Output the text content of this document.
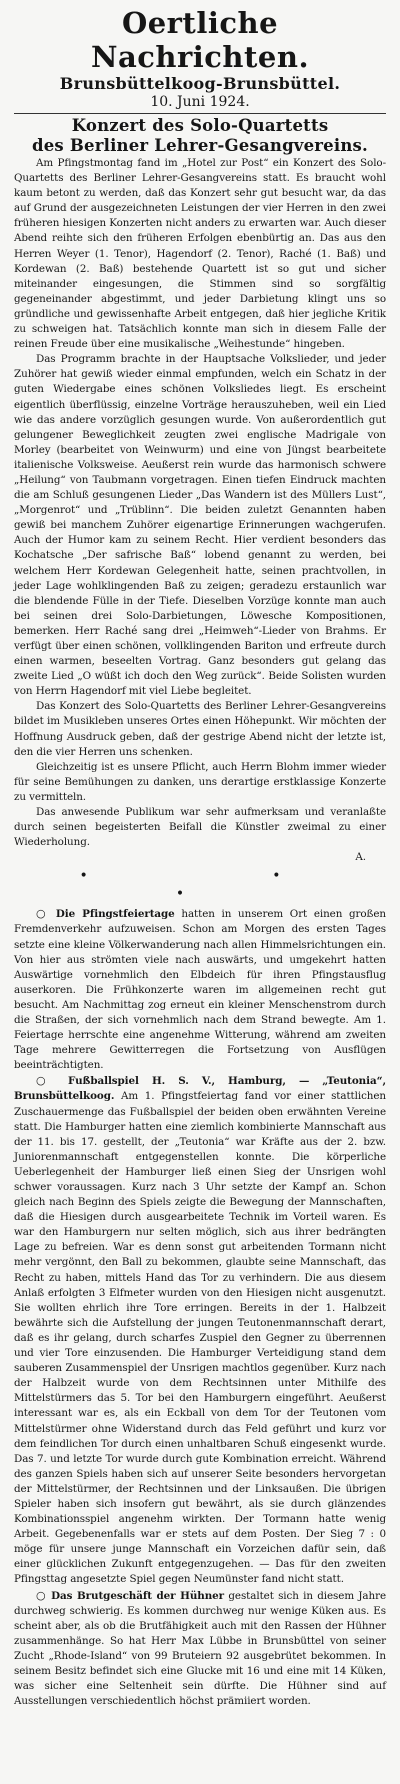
Oertliche Nachrichten.
Brunsbüttelkoog-Brunsbüttel.
10. Juni 1924.
Konzert des Solo-Quartetts
des Berliner Lehrer-Gesangvereins.

Am Pfingstmontag fand im „Hotel zur Post“ ein Konzert des Solo-Quartetts des Berliner Lehrer-Gesangvereins statt. Es braucht wohl kaum betont zu werden, daß das Konzert sehr gut besucht war, da das auf Grund der ausgezeichneten Leistungen der vier Herren in den zwei früheren hiesigen Konzerten nicht anders zu erwarten war. Auch dieser Abend reihte sich den früheren Erfolgen ebenbürtig an. Das aus den Herren Weyer (1. Tenor), Hagendorf (2. Tenor), Raché (1. Baß) und Kordewan (2. Baß) bestehende Quartett ist so gut und sicher miteinander eingesungen, die Stimmen sind so sorgfältig gegeneinander abgestimmt, und jeder Darbietung klingt uns so gründliche und gewissenhafte Arbeit entgegen, daß hier jegliche Kritik zu schweigen hat. Tatsächlich konnte man sich in diesem Falle der reinen Freude über eine musikalische „Weihestunde“ hingeben.

Das Programm brachte in der Hauptsache Volkslieder, und jeder Zuhörer hat gewiß wieder einmal empfunden, welch ein Schatz in der guten Wiedergabe eines schönen Volksliedes liegt. Es erscheint eigentlich überflüssig, einzelne Vorträge herauszuheben, weil ein Lied wie das andere vorzüglich gesungen wurde. Von außerordentlich gut gelungener Beweglichkeit zeugten zwei englische Madrigale von Morley (bearbeitet von Weinwurm) und eine von Jüngst bearbeitete italienische Volksweise. Aeußerst rein wurde das harmonisch schwere „Heilung“ von Taubmann vorgetragen. Einen tiefen Eindruck machten die am Schluß gesungenen Lieder „Das Wandern ist des Müllers Lust“, „Morgenrot“ und „Trüblinn“. Die beiden zuletzt Genannten haben gewiß bei manchem Zuhörer eigenartige Erinnerungen wachgerufen. Auch der Humor kam zu seinem Recht. Hier verdient besonders das Kochatsche „Der safrische Baß“ lobend genannt zu werden, bei welchem Herr Kordewan Gelegenheit hatte, seinen prachtvollen, in jeder Lage wohlklingenden Baß zu zeigen; geradezu erstaunlich war die blendende Fülle in der Tiefe. Dieselben Vorzüge konnte man auch bei seinen drei Solo-Darbietungen, Löwesche Kompositionen, bemerken. Herr Raché sang drei „Heimweh“-Lieder von Brahms. Er verfügt über einen schönen, vollklingenden Bariton und erfreute durch einen warmen, beseelten Vortrag. Ganz besonders gut gelang das zweite Lied „O wüßt ich doch den Weg zurück“. Beide Solisten wurden von Herrn Hagendorf mit viel Liebe begleitet.

Das Konzert des Solo-Quartetts des Berliner Lehrer-Gesangvereins bildet im Musikleben unseres Ortes einen Höhepunkt. Wir möchten der Hoffnung Ausdruck geben, daß der gestrige Abend nicht der letzte ist, den die vier Herren uns schenken.

Gleichzeitig ist es unsere Pflicht, auch Herrn Blohm immer wieder für seine Bemühungen zu danken, uns derartige erstklassige Konzerte zu vermitteln.

Das anwesende Publikum war sehr aufmerksam und veranlaßte durch seinen begeisterten Beifall die Künstler zweimal zu einer Wiederholung.

A.
• • •

○ Die Pfingstfeiertage hatten in unserem Ort einen großen Fremdenverkehr aufzuweisen. Schon am Morgen des ersten Tages setzte eine kleine Völkerwanderung nach allen Himmelsrichtungen ein. Von hier aus strömten viele nach auswärts, und umgekehrt hatten Auswärtige vornehmlich den Elbdeich für ihren Pfingstausflug auserkoren. Die Frühkonzerte waren im allgemeinen recht gut besucht. Am Nachmittag zog erneut ein kleiner Menschenstrom durch die Straßen, der sich vornehmlich nach dem Strand bewegte. Am 1. Feiertage herrschte eine angenehme Witterung, während am zweiten Tage mehrere Gewitterregen die Fortsetzung von Ausflügen beeinträchtigten.

○ Fußballspiel H. S. V., Hamburg, — „Teutonia“, Brunsbüttelkoog. Am 1. Pfingstfeiertag fand vor einer stattlichen Zuschauermenge das Fußballspiel der beiden oben erwähnten Vereine statt. Die Hamburger hatten eine ziemlich kombinierte Mannschaft aus der 11. bis 17. gestellt, der „Teutonia“ war Kräfte aus der 2. bzw. Juniorenmannschaft entgegenstellen konnte. Die körperliche Ueberlegenheit der Hamburger ließ einen Sieg der Unsrigen wohl schwer voraussagen. Kurz nach 3 Uhr setzte der Kampf an. Schon gleich nach Beginn des Spiels zeigte die Bewegung der Mannschaften, daß die Hiesigen durch ausgearbeitete Technik im Vorteil waren. Es war den Hamburgern nur selten möglich, sich aus ihrer bedrängten Lage zu befreien. War es denn sonst gut arbeitenden Tormann nicht mehr vergönnt, den Ball zu bekommen, glaubte seine Mannschaft, das Recht zu haben, mittels Hand das Tor zu verhindern. Die aus diesem Anlaß erfolgten 3 Elfmeter wurden von den Hiesigen nicht ausgenutzt. Sie wollten ehrlich ihre Tore erringen. Bereits in der 1. Halbzeit bewährte sich die Aufstellung der jungen Teutonenmannschaft derart, daß es ihr gelang, durch scharfes Zuspiel den Gegner zu überrennen und vier Tore einzusenden. Die Hamburger Verteidigung stand dem sauberen Zusammenspiel der Unsrigen machtlos gegenüber. Kurz nach der Halbzeit wurde von dem Rechtsinnen unter Mithilfe des Mittelstürmers das 5. Tor bei den Hamburgern eingeführt. Aeußerst interessant war es, als ein Eckball von dem Tor der Teutonen vom Mittelstürmer ohne Widerstand durch das Feld geführt und kurz vor dem feindlichen Tor durch einen unhaltbaren Schuß eingesenkt wurde. Das 7. und letzte Tor wurde durch gute Kombination erreicht. Während des ganzen Spiels haben sich auf unserer Seite besonders hervorgetan der Mittelstürmer, der Rechtsinnen und der Linksaußen. Die übrigen Spieler haben sich insofern gut bewährt, als sie durch glänzendes Kombinationsspiel angenehm wirkten. Der Tormann hatte wenig Arbeit. Gegebenenfalls war er stets auf dem Posten. Der Sieg 7 : 0 möge für unsere junge Mannschaft ein Vorzeichen dafür sein, daß einer glücklichen Zukunft entgegenzugehen. — Das für den zweiten Pfingsttag angesetzte Spiel gegen Neumünster fand nicht statt.

○ Das Brutgeschäft der Hühner gestaltet sich in diesem Jahre durchweg schwierig. Es kommen durchweg nur wenige Küken aus. Es scheint aber, als ob die Brutfähigkeit auch mit den Rassen der Hühner zusammenhänge. So hat Herr Max Lübbe in Brunsbüttel von seiner Zucht „Rhode-Island“ von 99 Bruteiern 92 ausgebrütet bekommen. In seinem Besitz befindet sich eine Glucke mit 16 und eine mit 14 Küken, was sicher eine Seltenheit sein dürfte. Die Hühner sind auf Ausstellungen verschiedentlich höchst prämiiert worden.
